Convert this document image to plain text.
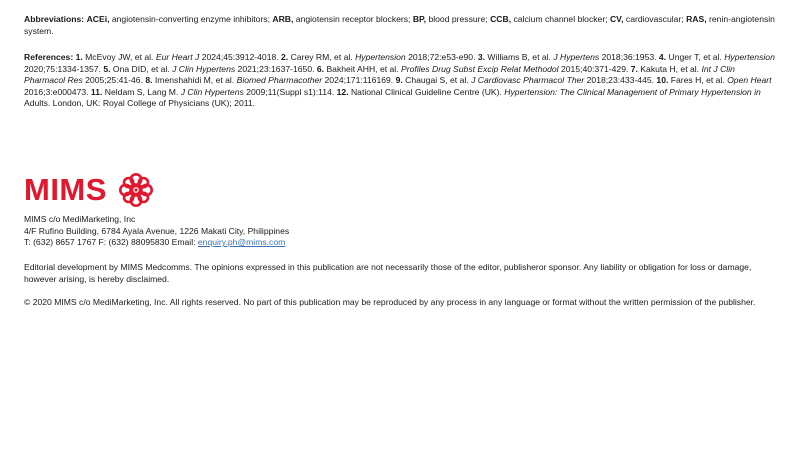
Abbreviations: ACEi, angiotensin-converting enzyme inhibitors; ARB, angiotensin receptor blockers; BP, blood pressure; CCB, calcium channel blocker; CV, cardiovascular; RAS, renin-angiotensin system.

References: 1. McEvoy JW, et al. Eur Heart J 2024;45:3912-4018. 2. Carey RM, et al. Hypertension 2018;72:e53-e90. 3. Williams B, et al. J Hypertens 2018;36:1953. 4. Unger T, et al. Hypertension 2020;75:1334-1357. 5. Ona DID, et al. J Clin Hypertens 2021;23:1637-1650. 6. Bakheit AHH, et al. Profiles Drug Subst Excip Relat Methodol 2015;40:371-429. 7. Kakuta H, et al. Int J Clin Pharmacol Res 2005;25:41-46. 8. Imenshahidi M, et al. Biomed Pharmacother 2024;171:116169. 9. Chaugai S, et al. J Cardiovasc Pharmacol Ther 2018;23:433-445. 10. Fares H, et al. Open Heart 2016;3:e000473. 11. Neldam S, Lang M. J Clin Hypertens 2009;11(Suppl s1):114. 12. National Clinical Guideline Centre (UK). Hypertension: The Clinical Management of Primary Hypertension in Adults. London, UK: Royal College of Physicians (UK); 2011.

MIMS

MIMS c/o MediMarketing, Inc

4/F Rufino Building, 6784 Ayala Avenue, 1226 Makati City, Philippines

T: (632) 8657 1767 F: (632) 88095830 Email: enquiry.ph@mims.com

Editorial development by MIMS Medcomms. The opinions expressed in this publication are not necessarily those of the editor, publisheror sponsor. Any liability or obligation for loss or damage, however arising, is hereby disclaimed.

© 2020 MIMS c/o MediMarketing, Inc. All rights reserved. No part of this publication may be reproduced by any process in any language or format without the written permission of the publisher.
